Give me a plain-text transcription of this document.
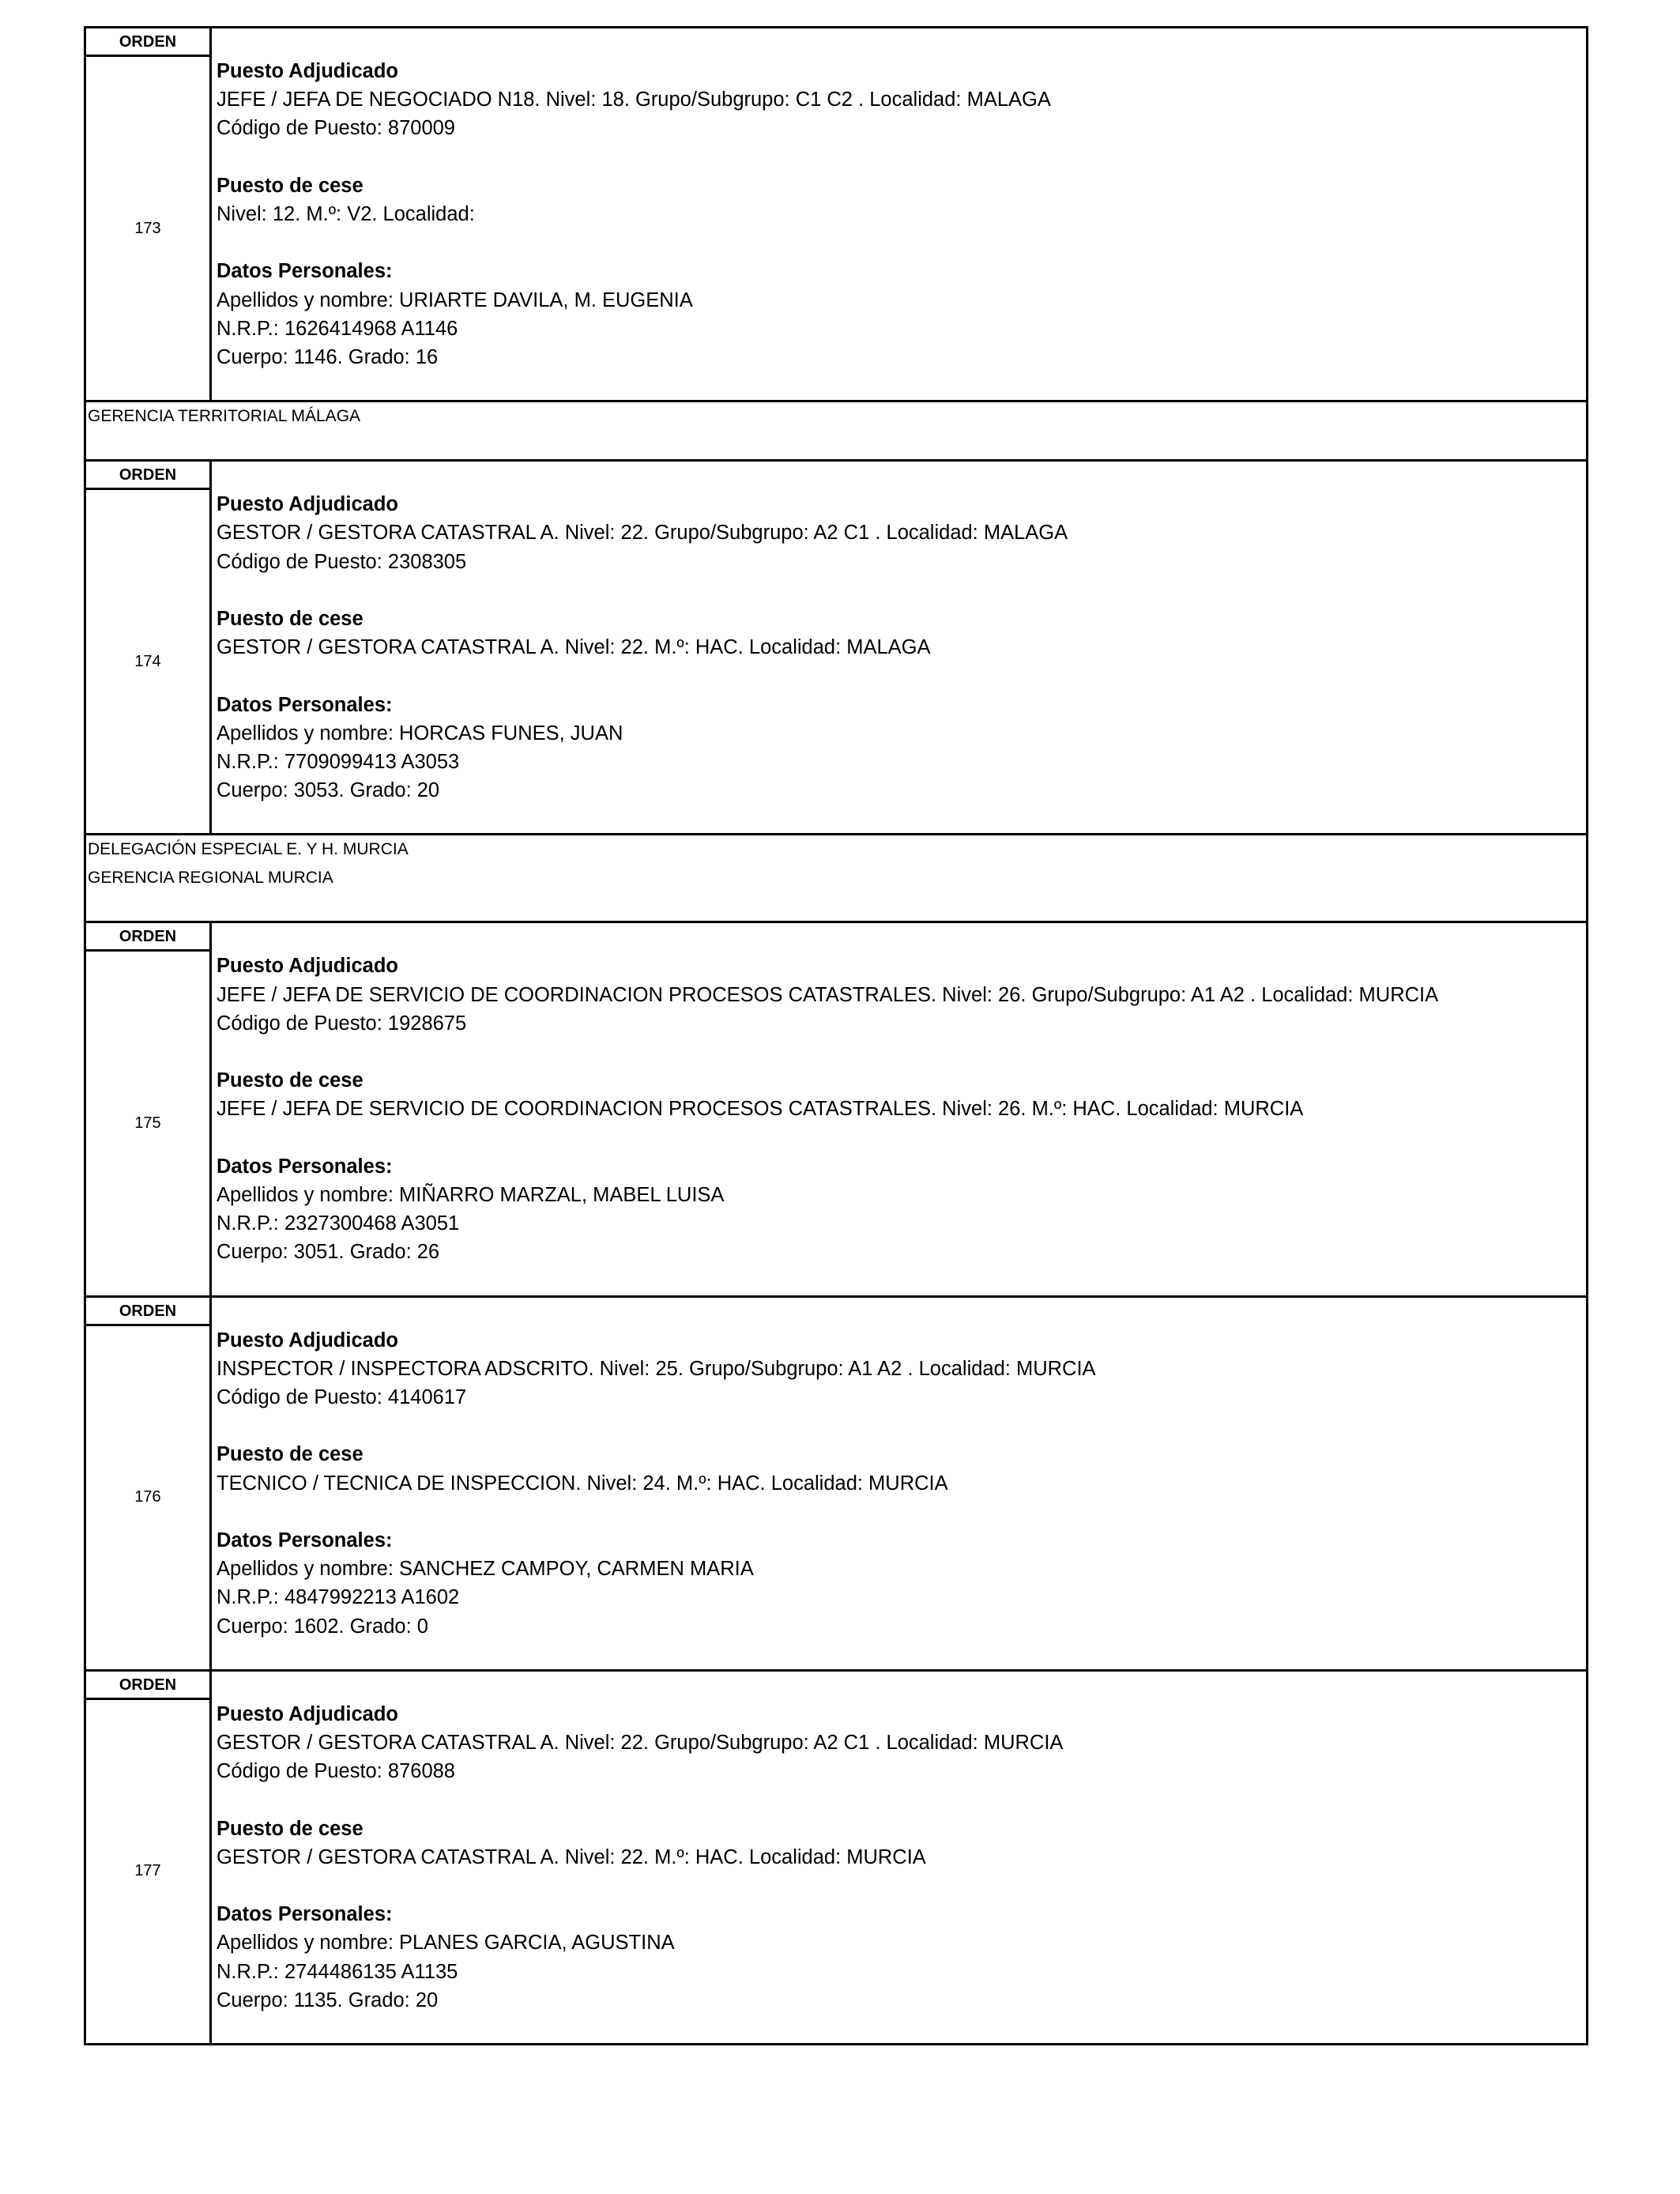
ORDEN
173
Puesto Adjudicado
JEFE / JEFA DE NEGOCIADO N18. Nivel: 18. Grupo/Subgrupo: C1 C2 . Localidad: MALAGA
Código de Puesto: 870009
Puesto de cese
Nivel: 12. M.º: V2. Localidad:
Datos Personales:
Apellidos y nombre: URIARTE DAVILA, M. EUGENIA
N.R.P.: 1626414968 A1146
Cuerpo: 1146. Grado: 16
GERENCIA TERRITORIAL MÁLAGA
ORDEN
174
Puesto Adjudicado
GESTOR / GESTORA CATASTRAL A. Nivel: 22. Grupo/Subgrupo: A2 C1 . Localidad: MALAGA
Código de Puesto: 2308305
Puesto de cese
GESTOR / GESTORA CATASTRAL A. Nivel: 22. M.º: HAC. Localidad: MALAGA
Datos Personales:
Apellidos y nombre: HORCAS FUNES, JUAN
N.R.P.: 7709099413 A3053
Cuerpo: 3053. Grado: 20
DELEGACIÓN ESPECIAL E. Y H. MURCIA
GERENCIA REGIONAL MURCIA
ORDEN
175
Puesto Adjudicado
JEFE / JEFA DE SERVICIO DE COORDINACION PROCESOS CATASTRALES. Nivel: 26. Grupo/Subgrupo: A1 A2 . Localidad: MURCIA
Código de Puesto: 1928675
Puesto de cese
JEFE / JEFA DE SERVICIO DE COORDINACION PROCESOS CATASTRALES. Nivel: 26. M.º: HAC. Localidad: MURCIA
Datos Personales:
Apellidos y nombre: MIÑARRO MARZAL, MABEL LUISA
N.R.P.: 2327300468 A3051
Cuerpo: 3051. Grado: 26
ORDEN
176
Puesto Adjudicado
INSPECTOR / INSPECTORA ADSCRITO. Nivel: 25. Grupo/Subgrupo: A1 A2 . Localidad: MURCIA
Código de Puesto: 4140617
Puesto de cese
TECNICO / TECNICA DE INSPECCION. Nivel: 24. M.º: HAC. Localidad: MURCIA
Datos Personales:
Apellidos y nombre: SANCHEZ CAMPOY, CARMEN MARIA
N.R.P.: 4847992213 A1602
Cuerpo: 1602. Grado: 0
ORDEN
177
Puesto Adjudicado
GESTOR / GESTORA CATASTRAL A. Nivel: 22. Grupo/Subgrupo: A2 C1 . Localidad: MURCIA
Código de Puesto: 876088
Puesto de cese
GESTOR / GESTORA CATASTRAL A. Nivel: 22. M.º: HAC. Localidad: MURCIA
Datos Personales:
Apellidos y nombre: PLANES GARCIA, AGUSTINA
N.R.P.: 2744486135 A1135
Cuerpo: 1135. Grado: 20
